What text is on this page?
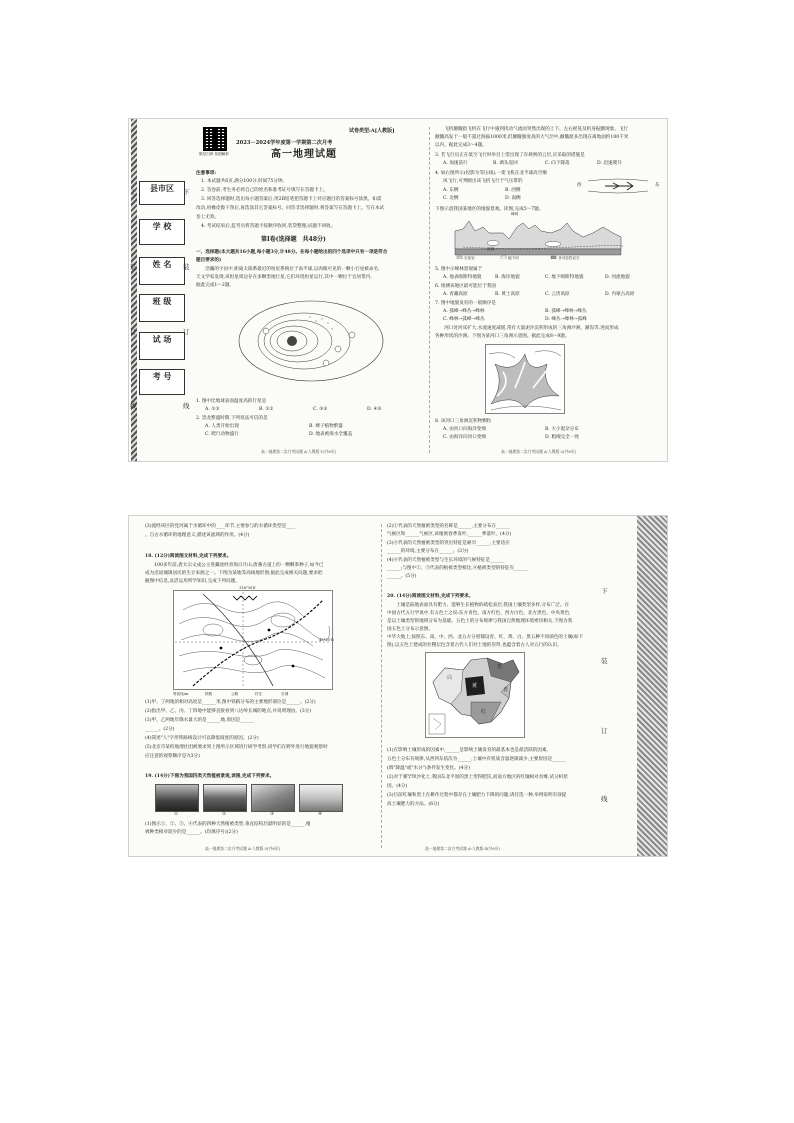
县市区
学 校
姓 名
班 级
试 场
考 号
上	下
装	装
订	订
线	线
微信扫码 拍照解析
试卷类型:A[人教版]
2023－2024学年度第一学期第二次月考
高一地理试题
注意事项:
1. 本试题共6页,满分100分,时间75分钟。
2. 答卷前,考生务必将自己的姓名和准考证号填写在答题卡上。
3. 回答选择题时,选出每小题答案后,用2B铅笔把答题卡上对应题目的答案标号涂黑。如需
改动,用橡皮擦干净后,再选涂其它答案标号。回答非选择题时,将答案写在答题卡上。写在本试
卷上无效。
4. 考试结束后,监考员将答题卡按顺序收回,装袋整理;试题不回收。
第Ⅰ卷(选择题　共48分)
一、选择题(本大题共16小题,每小题3分,计48分。在每小题给出的四个选项中只有一项是符合
题目要求的)
　　浩瀚的宇宙中,距离太阳系最近的恒星系统位于南半球,以肉眼可见的一颗小行星被命名,
天文学家发现,该恒星周边存在多颗类地行星,它们环绕恒星运行,其中一颗位于宜居带内,
据此完成1～2题。
1. 图中比地球表面温度高的行星是
A. ①③	B. ①②	C. ③⑤	D. ④⑤
2. 恐龙繁盛时期,下列说法可信的是
A. 人类开始出现	B. 裸子植物繁盛
C. 爬行动物盛行	D. 地表被海水全覆盖
高一地理第二次月考试题 A-人教版-1(共6页)
　　飞机颠簸指飞机在飞行中遇到扰动气流而突然出现的上下、左右摇晃及机身振颤现象。飞行
颠簸高发于一般不超过海拔1000米,但颠簸强度高的大气层中,颠簸最多出现在离地面约100千米
以内。据此完成3～4题。
3. 若飞行员正在低空飞行时举目上望出现了有规则的云层,应采取的措施是
A. 加速前行	B. 调头返回	C. 向下降落	D. 迅速爬升
4. 如右图所示(投影为等压线),一架飞机在北半球高空顺
风飞行,可判断出该飞机飞行于气压带的
A. 东侧	B. 西侧
C. 北侧	D. 南侧
西	东
下图示意我国某地区的地貌景观。读图,完成5～7题。
峰林
溶洞
石灰岩	地下河	非可溶性岩石
5. 图中示峰林景观属于
A. 地表喀斯特地貌	B. 海岸地貌	C. 地下喀斯特地貌	D. 河流地貌
6. 推测该地区最可能位于我国
A. 青藏高原	B. 黄土高原	C. 云贵高原	D. 内蒙古高原
7. 图中地貌发育的一般顺序是
A. 孤峰→峰丛→峰林	B. 孤峰→峰林→峰丛
C. 峰林→孤峰→峰丛	D. 峰丛→峰林→孤峰
　　河口处河床扩大,水流速度减缓,常有大量泥沙沉积形成的三角洲沙洲、潮沟等,进而形成
各种形状的沙洲。下图为某河口三角洲示意图。据此完成8～9题。
8. 该河口三角洲沉积物颗粒
A. 由河口向海洋变细	B. 大小混杂分布
C. 由海洋向河口变细	D. 粗细完全一致
高一地理第二次月考试题 A-人教版-2(共6页)
(3)流经该区的党河属于水循环中的____环节,主要参与的水循环类型是____
。自古水循环的地理意义,描述该流域的作用。(4分)
18. (12分)阅读图文材料,完成下列要求。
　　100多年前,唐太宗文成公主进藏途经青海日月山,唐蕃古道上的一颗颗茶种子,如今已
成为沿途城镇居民的生计来源之一。下图为某地等高线地形图,据此完成相关问题,要求把
握图中信息,灵活运用所学知识,完成下列问题。
116°30′E
42°20′N
等高线/m	铁路	公路	村庄	长城
(1)甲、丁两地的相对高度是______米,图中铁路分布的主要地形部位是______。(2分)
(2)指出甲、乙、丙、丁四地中能够直接看到八达岭长城的地点,并说明理由。(3分)
(3)甲、乙两地年降水量大的是______地,原因是______
______。(2分)
(4)简述"人"字形铁路线设计可以降低坡度的原因。(2分)
(5)北京市某校地理社团被要求到上图所示区域进行研学考察,同学们在野外进行地貌观察时
应注意的观察顺序是?(3分)
19. (14分)下图为我国四类天然植被景观,读图,完成下列要求。
①	②	③	④
(1)图示①、②、③、④代表的四种天然植被类型,垂直结构层最明显的是______,植
被种类相对较少的是______。(均填序号)(2分)
高一地理第二次月考试题 A-人教版-3(共6页)
(2)①代表的天然植被类型的名称是______,主要分布在______
气候区和______气候区,该植被春季发叶,______季落叶。(4分)
(3)④代表的天然植被类型的突出特征是耐旱______,主要适应
______的环境,主要分布在______。(3分)
(4)④代表的天然植被类型与生长环境的气候特征是______
______;与图中②、③代表的植被类型相比,④植被类型的特征有______
______。(5分)
20. (14分)阅读图文材料,完成下列要求。
　　土壤是陆地表面具有肥力、能够生长植物的疏松表层,我国土壤类型多样,分布广泛。在
中国古代五行学说中,有五色土之说:东方青色、南方红色、西方白色、北方黑色、中央黄色,
是以土壤类型的地域分布为基础。五色土的分布规律与我国自然地理环境密切相关,下图为我
国五色土分布示意图。
中华大地上,按照东、南、中、西、北五方分别铺设青、红、黄、白、黑五种不同颜色的土壤(如下
图),以五色土建成的社稷坛包含着古代人们对土地的崇拜,也蕴含着古人对五行的认识。
白
黄
青
红
黑
(1)在影响土壤形成的因素中,______是影响土壤发育的最基本也是最活跃的因素,
五色土分布有规律,从西到东依次为______,土壤中有机质含量逐渐减少,主要原因是______
(填"降温"或"水分")条件发生变化。(4分)
(2)对于赛罕坝沙化土,我国东北平原的黑土变得肥沃,而南方地区的红壤相对贫瘠,试分析原
因。(4分)
(3)目前红壤和黑土在耕作过程中都存在土壤肥力下降的问题,请任选一种,举例说明有效提
高土壤肥力的方法。(6分)
高一地理第二次月考试题 A-人教版-4(共6页)
下
装
订
线
